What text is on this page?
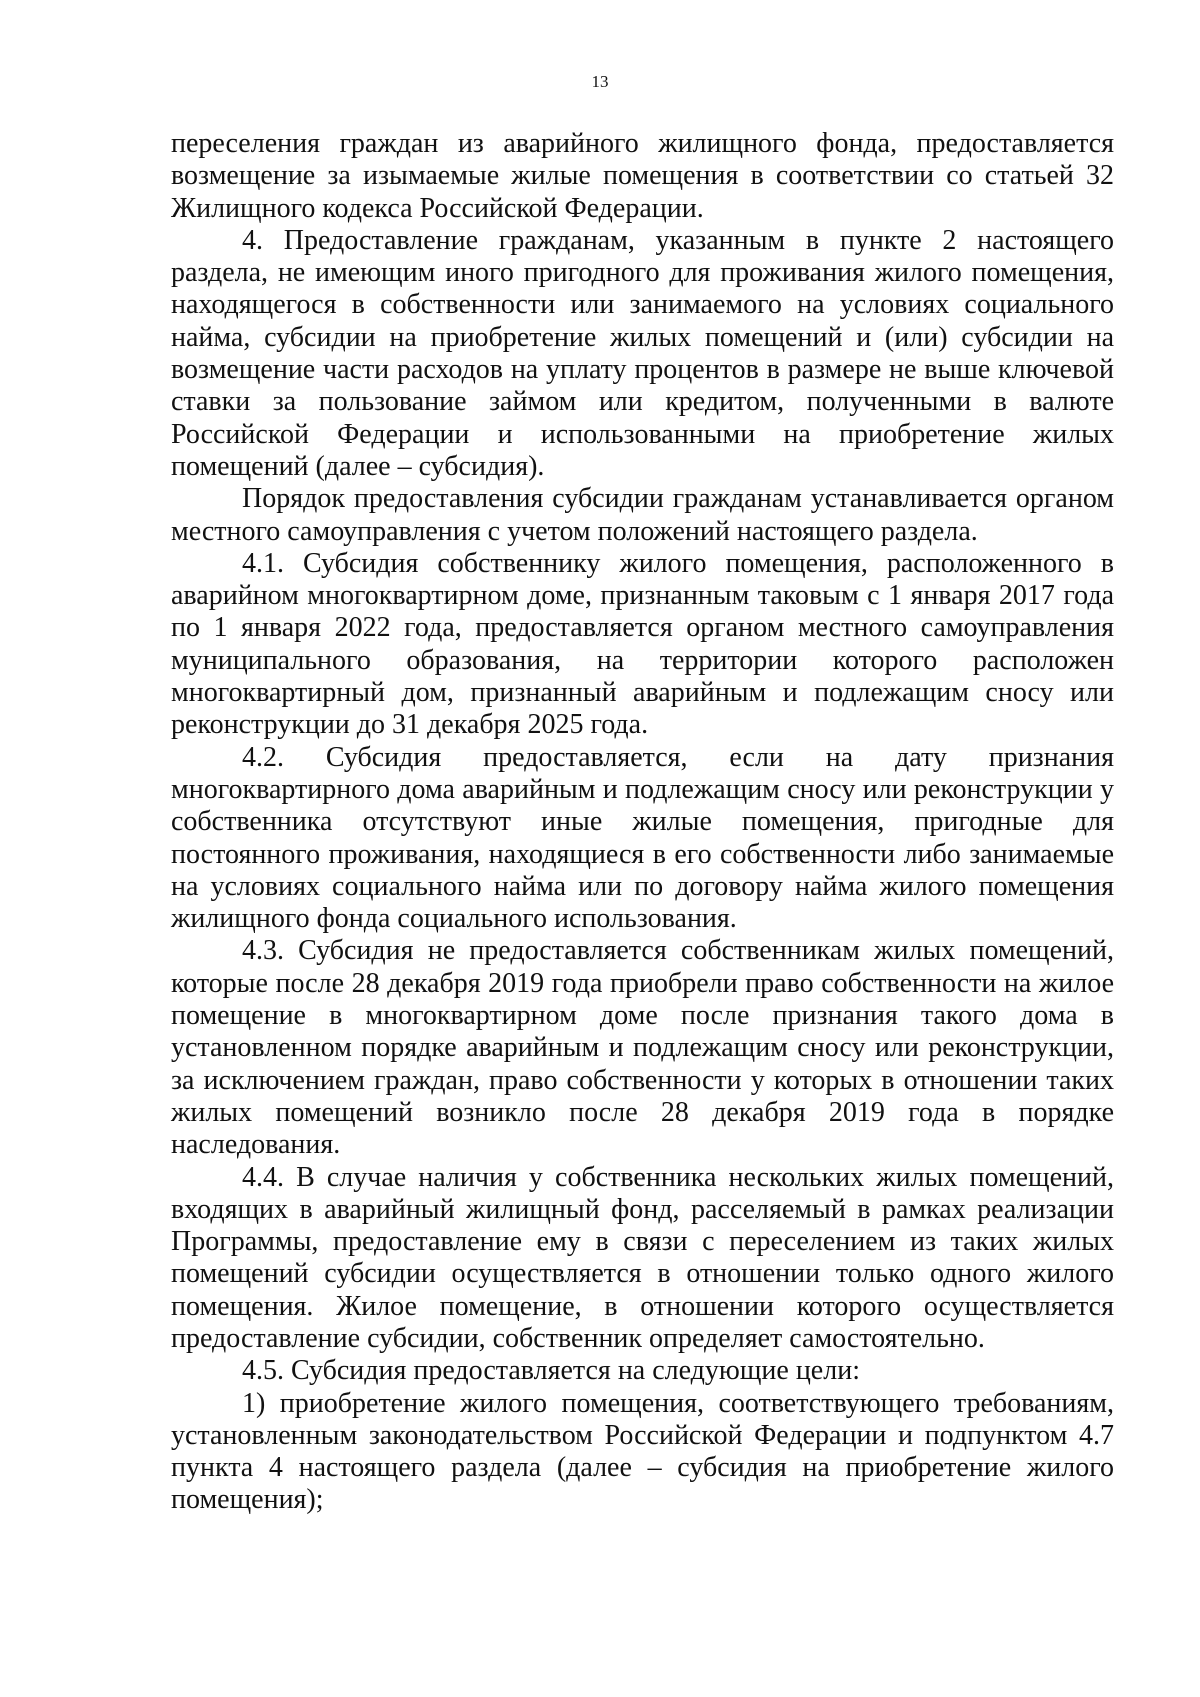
13

переселения граждан из аварийного жилищного фонда, предоставляется возмещение за изымаемые жилые помещения в соответствии со статьей 32 Жилищного кодекса Российской Федерации.

4. Предоставление гражданам, указанным в пункте 2 настоящего раздела, не имеющим иного пригодного для проживания жилого помещения, находящегося в собственности или занимаемого на условиях социального найма, субсидии на приобретение жилых помещений и (или) субсидии на возмещение части расходов на уплату процентов в размере не выше ключевой ставки за пользование займом или кредитом, полученными в валюте Российской Федерации и использованными на приобретение жилых помещений (далее – субсидия).

Порядок предоставления субсидии гражданам устанавливается органом местного самоуправления с учетом положений настоящего раздела.

4.1. Субсидия собственнику жилого помещения, расположенного в аварийном многоквартирном доме, признанным таковым с 1 января 2017 года по 1 января 2022 года, предоставляется органом местного самоуправления муниципального образования, на территории которого расположен многоквартирный дом, признанный аварийным и подлежащим сносу или реконструкции до 31 декабря 2025 года.

4.2. Субсидия предоставляется, если на дату признания многоквартирного дома аварийным и подлежащим сносу или реконструкции у собственника отсутствуют иные жилые помещения, пригодные для постоянного проживания, находящиеся в его собственности либо занимаемые на условиях социального найма или по договору найма жилого помещения жилищного фонда социального использования.

4.3. Субсидия не предоставляется собственникам жилых помещений, которые после 28 декабря 2019 года приобрели право собственности на жилое помещение в многоквартирном доме после признания такого дома в установленном порядке аварийным и подлежащим сносу или реконструкции, за исключением граждан, право собственности у которых в отношении таких жилых помещений возникло после 28 декабря 2019 года в порядке наследования.

4.4. В случае наличия у собственника нескольких жилых помещений, входящих в аварийный жилищный фонд, расселяемый в рамках реализации Программы, предоставление ему в связи с переселением из таких жилых помещений субсидии осуществляется в отношении только одного жилого помещения. Жилое помещение, в отношении которого осуществляется предоставление субсидии, собственник определяет самостоятельно.

4.5. Субсидия предоставляется на следующие цели:

1) приобретение жилого помещения, соответствующего требованиям, установленным законодательством Российской Федерации и подпунктом 4.7 пункта 4 настоящего раздела (далее – субсидия на приобретение жилого помещения);
